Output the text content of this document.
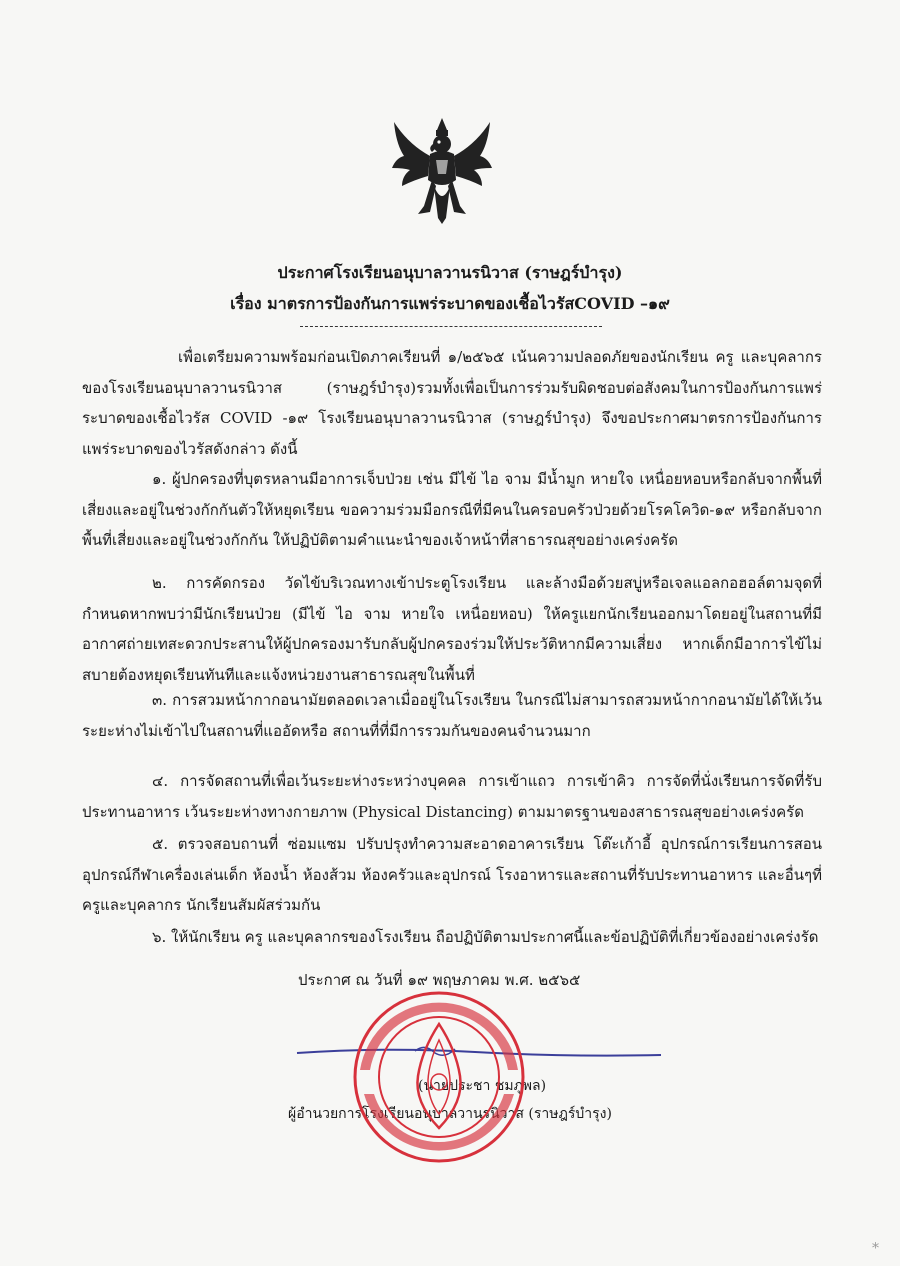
ประกาศโรงเรียนอนุบาลวานรนิวาส (ราษฎร์บำรุง)
เรื่อง มาตรการป้องกันการแพร่ระบาดของเชื้อไวรัสCOVID –๑๙
เพื่อเตรียมความพร้อมก่อนเปิดภาคเรียนที่ ๑/๒๕๖๕ เน้นความปลอดภัยของนักเรียน ครู และบุคลากรของโรงเรียนอนุบาลวานรนิวาส (ราษฎร์บำรุง)รวมทั้งเพื่อเป็นการร่วมรับผิดชอบต่อสังคมในการป้องกันการแพร่ระบาดของเชื้อไวรัส COVID -๑๙ โรงเรียนอนุบาลวานรนิวาส (ราษฎร์บำรุง) จึงขอประกาศมาตรการป้องกันการแพร่ระบาดของไวรัสดังกล่าว ดังนี้
๑. ผู้ปกครองที่บุตรหลานมีอาการเจ็บป่วย เช่น มีไข้ ไอ จาม มีน้ำมูก หายใจ เหนื่อยหอบหรือกลับจากพื้นที่เสี่ยงและอยู่ในช่วงกักกันตัวให้หยุดเรียน ขอความร่วมมือกรณีที่มีคนในครอบครัวป่วยด้วยโรคโควิด-๑๙ หรือกลับจากพื้นที่เสี่ยงและอยู่ในช่วงกักกัน ให้ปฏิบัติตามคำแนะนำของเจ้าหน้าที่สาธารณสุขอย่างเคร่งครัด
๒. การคัดกรอง วัดไข้บริเวณทางเข้าประตูโรงเรียน และล้างมือด้วยสบู่หรือเจลแอลกอฮอล์ตามจุดที่กำหนดหากพบว่ามีนักเรียนป่วย (มีไข้ ไอ จาม หายใจ เหนื่อยหอบ) ให้ครูแยกนักเรียนออกมาโดยอยู่ในสถานที่มีอากาศถ่ายเทสะดวกประสานให้ผู้ปกครองมารับกลับผู้ปกครองร่วมให้ประวัติหากมีความเสี่ยง หากเด็กมีอาการไข้ไม่สบายต้องหยุดเรียนทันทีและแจ้งหน่วยงานสาธารณสุขในพื้นที่
๓. การสวมหน้ากากอนามัยตลอดเวลาเมื่ออยู่ในโรงเรียน ในกรณีไม่สามารถสวมหน้ากากอนามัยได้ให้เว้นระยะห่างไม่เข้าไปในสถานที่แออัดหรือ สถานที่ที่มีการรวมกันของคนจำนวนมาก
๔. การจัดสถานที่เพื่อเว้นระยะห่างระหว่างบุคคล การเข้าแถว การเข้าคิว การจัดที่นั่งเรียนการจัดที่รับประทานอาหาร เว้นระยะห่างทางกายภาพ (Physical Distancing) ตามมาตรฐานของสาธารณสุขอย่างเคร่งครัด
๕. ตรวจสอบถานที่ ซ่อมแซม ปรับปรุงทำความสะอาดอาคารเรียน โต๊ะเก้าอี้ อุปกรณ์การเรียนการสอน อุปกรณ์กีฬาเครื่องเล่นเด็ก ห้องน้ำ ห้องส้วม ห้องครัวและอุปกรณ์ โรงอาหารและสถานที่รับประทานอาหาร และอื่นๆที่ครูและบุคลากร นักเรียนสัมผัสร่วมกัน
๖. ให้นักเรียน ครู และบุคลากรของโรงเรียน ถือปฏิบัติตามประกาศนี้และข้อปฏิบัติที่เกี่ยวข้องอย่างเคร่งรัด
ประกาศ ณ วันที่ ๑๙ พฤษภาคม พ.ศ. ๒๕๖๕
(นายประชา ชมภูพล)
ผู้อำนวยการโรงเรียนอนุบาลวานรนิวาส (ราษฎร์บำรุง)
⁎
